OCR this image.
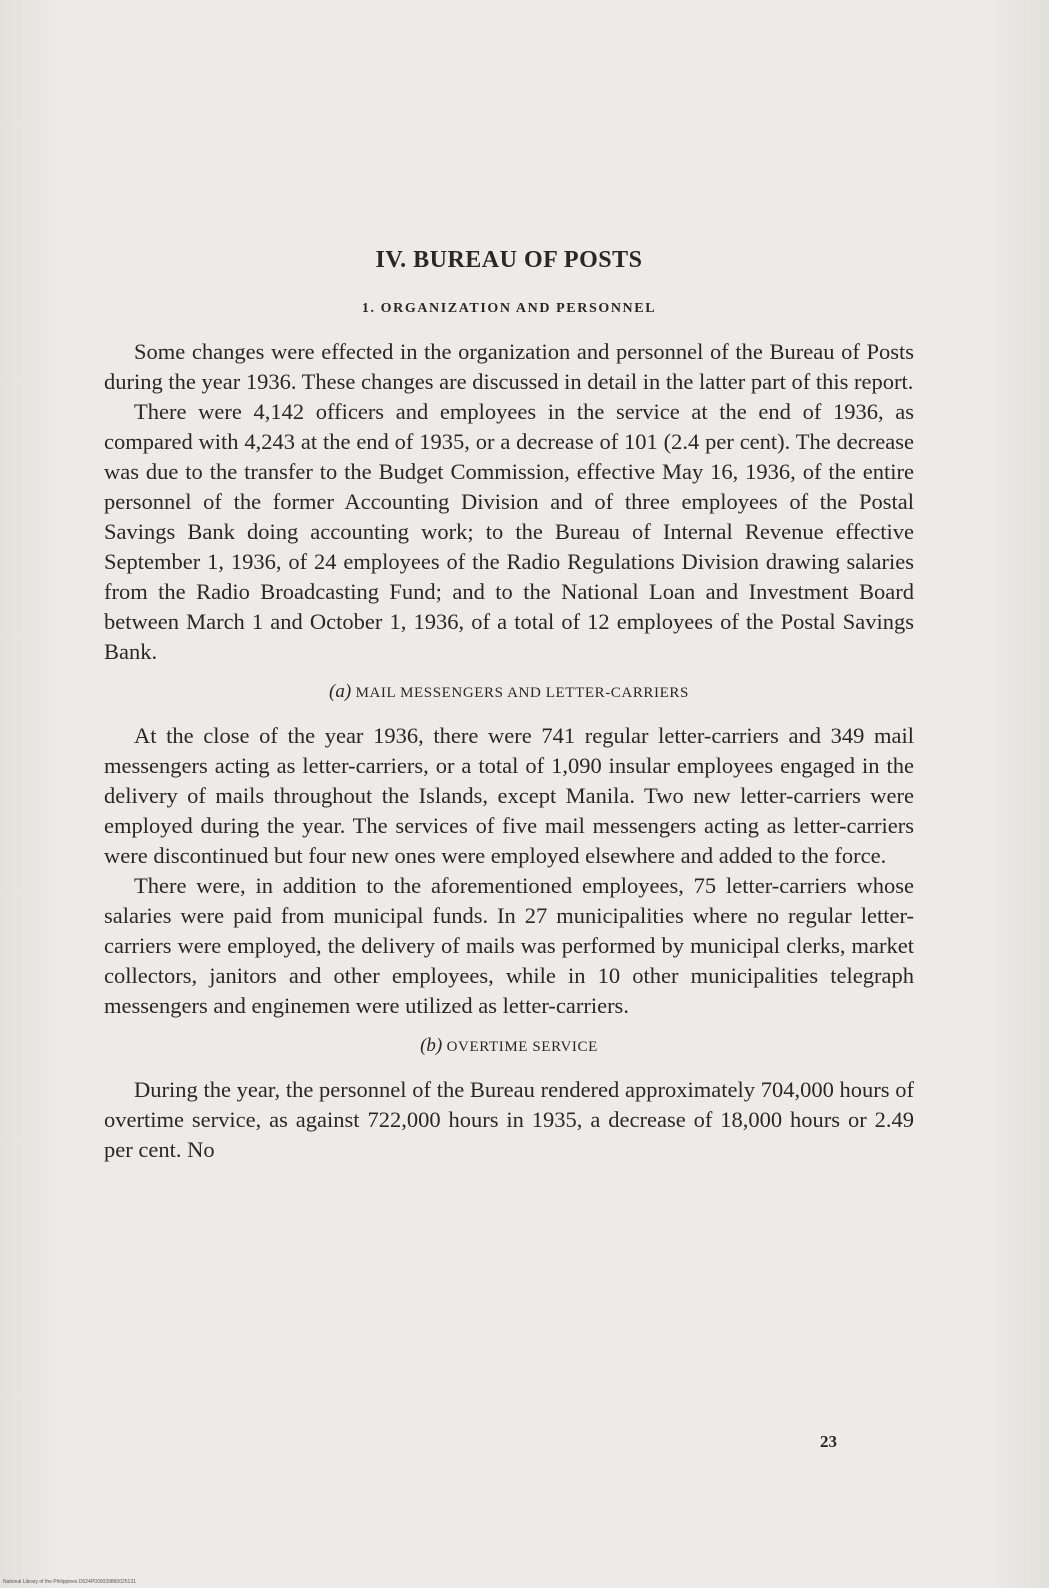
IV. BUREAU OF POSTS
1. ORGANIZATION AND PERSONNEL

Some changes were effected in the organization and personnel of the Bureau of Posts during the year 1936. These changes are discussed in detail in the latter part of this report.

There were 4,142 officers and employees in the service at the end of 1936, as compared with 4,243 at the end of 1935, or a decrease of 101 (2.4 per cent). The decrease was due to the transfer to the Budget Commission, effective May 16, 1936, of the entire personnel of the former Accounting Division and of three employees of the Postal Savings Bank doing accounting work; to the Bureau of Internal Revenue effective September 1, 1936, of 24 employees of the Radio Regulations Division drawing salaries from the Radio Broadcasting Fund; and to the National Loan and Investment Board between March 1 and October 1, 1936, of a total of 12 employees of the Postal Savings Bank.

(a) MAIL MESSENGERS AND LETTER-CARRIERS

At the close of the year 1936, there were 741 regular letter-carriers and 349 mail messengers acting as letter-carriers, or a total of 1,090 insular employees engaged in the delivery of mails throughout the Islands, except Manila. Two new letter-carriers were employed during the year. The services of five mail messengers acting as letter-carriers were discontinued but four new ones were employed elsewhere and added to the force.

There were, in addition to the aforementioned employees, 75 letter-carriers whose salaries were paid from municipal funds. In 27 municipalities where no regular letter-carriers were employed, the delivery of mails was performed by municipal clerks, market collectors, janitors and other employees, while in 10 other municipalities telegraph messengers and enginemen were utilized as letter-carriers.

(b) OVERTIME SERVICE

During the year, the personnel of the Bureau rendered approximately 704,000 hours of overtime service, as against 722,000 hours in 1935, a decrease of 18,000 hours or 2.49 per cent. No

23
National Library of the Philippines D024P000039860025131
